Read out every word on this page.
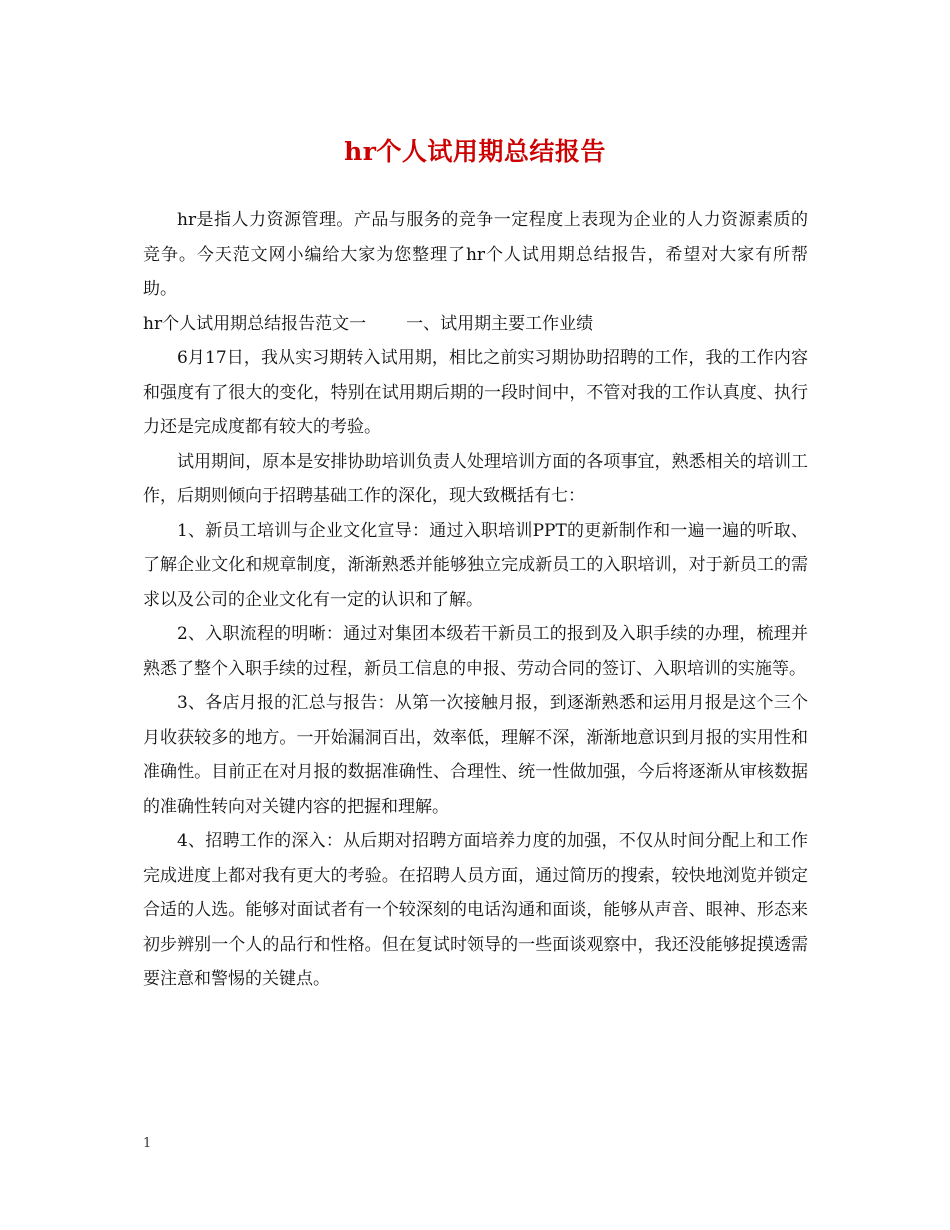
hr个人试用期总结报告

hr是指人力资源管理。产品与服务的竞争一定程度上表现为企业的人力资源素质的竞争。今天范文网小编给大家为您整理了hr个人试用期总结报告，希望对大家有所帮助。

hr个人试用期总结报告范文一 一、试用期主要工作业绩

6月17日，我从实习期转入试用期，相比之前实习期协助招聘的工作，我的工作内容和强度有了很大的变化，特别在试用期后期的一段时间中，不管对我的工作认真度、执行力还是完成度都有较大的考验。

试用期间，原本是安排协助培训负责人处理培训方面的各项事宜，熟悉相关的培训工作，后期则倾向于招聘基础工作的深化，现大致概括有七：

1、新员工培训与企业文化宣导：通过入职培训PPT的更新制作和一遍一遍的听取、了解企业文化和规章制度，渐渐熟悉并能够独立完成新员工的入职培训，对于新员工的需求以及公司的企业文化有一定的认识和了解。

2、入职流程的明晰：通过对集团本级若干新员工的报到及入职手续的办理，梳理并熟悉了整个入职手续的过程，新员工信息的申报、劳动合同的签订、入职培训的实施等。

3、各店月报的汇总与报告：从第一次接触月报，到逐渐熟悉和运用月报是这个三个月收获较多的地方。一开始漏洞百出，效率低，理解不深，渐渐地意识到月报的实用性和准确性。目前正在对月报的数据准确性、合理性、统一性做加强，今后将逐渐从审核数据的准确性转向对关键内容的把握和理解。

4、招聘工作的深入：从后期对招聘方面培养力度的加强，不仅从时间分配上和工作完成进度上都对我有更大的考验。在招聘人员方面，通过简历的搜索，较快地浏览并锁定合适的人选。能够对面试者有一个较深刻的电话沟通和面谈，能够从声音、眼神、形态来初步辨别一个人的品行和性格。但在复试时领导的一些面谈观察中，我还没能够捉摸透需要注意和警惕的关键点。

1
